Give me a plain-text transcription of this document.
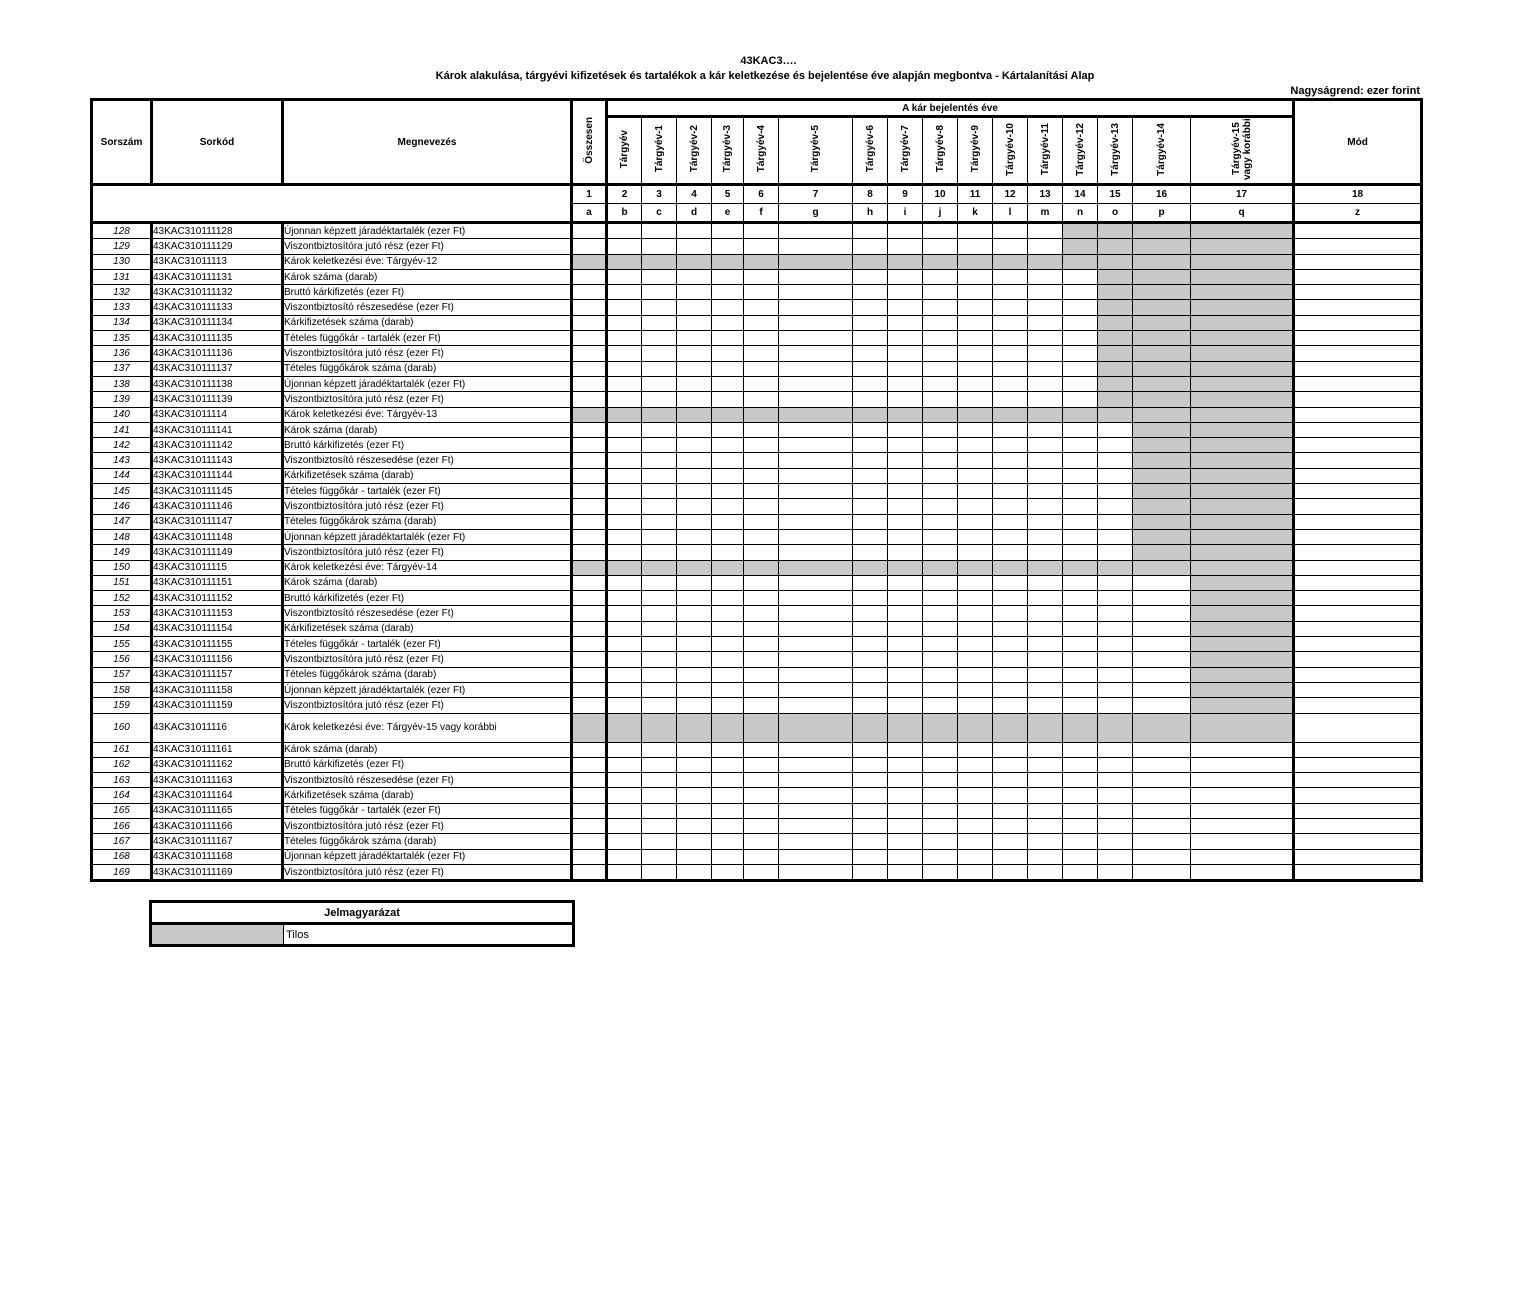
43KAC3….
Károk alakulása, tárgyévi kifizetések és tartalékok a kár keletkezése és bejelentése éve alapján megbontva - Kártalanítási Alap
Nagyságrend: ezer forint
Sorszám	Sorkód	Megnevezés	Összesen	A kár bejelentés éve																Mód
				Tárgyév	Tárgyév-1	Tárgyév-2	Tárgyév-3	Tárgyév-4	Tárgyév-5	Tárgyév-6	Tárgyév-7	Tárgyév-8	Tárgyév-9	Tárgyév-10	Tárgyév-11	Tárgyév-12	Tárgyév-13	Tárgyév-14	Tárgyév-15 vagy korábbi	
			1	2	3	4	5	6	7	8	9	10	11	12	13	14	15	16	17	18
			a	b	c	d	e	f	g	h	i	j	k	l	m	n	o	p	q	z
128	43KAC310111128	Újonnan képzett járadéktartalék (ezer Ft)																		
129	43KAC310111129	Viszontbiztosítóra jutó rész (ezer Ft)																		
130	43KAC31011113	Károk keletkezési éve: Tárgyév-12																		
131	43KAC310111131	Károk száma (darab)																		
132	43KAC310111132	Bruttó kárkifizetés (ezer Ft)																		
133	43KAC310111133	Viszontbiztosító részesedése (ezer Ft)																		
134	43KAC310111134	Kárkifizetések száma (darab)																		
135	43KAC310111135	Tételes függőkár - tartalék (ezer Ft)																		
136	43KAC310111136	Viszontbiztosítóra jutó rész (ezer Ft)																		
137	43KAC310111137	Tételes függőkárok száma (darab)																		
138	43KAC310111138	Újonnan képzett járadéktartalék (ezer Ft)																		
139	43KAC310111139	Viszontbiztosítóra jutó rész (ezer Ft)																		
140	43KAC31011114	Károk keletkezési éve: Tárgyév-13																		
141	43KAC310111141	Károk száma (darab)																		
142	43KAC310111142	Bruttó kárkifizetés (ezer Ft)																		
143	43KAC310111143	Viszontbiztosító részesedése (ezer Ft)																		
144	43KAC310111144	Kárkifizetések száma (darab)																		
145	43KAC310111145	Tételes függőkár - tartalék (ezer Ft)																		
146	43KAC310111146	Viszontbiztosítóra jutó rész (ezer Ft)																		
147	43KAC310111147	Tételes függőkárok száma (darab)																		
148	43KAC310111148	Újonnan képzett járadéktartalék (ezer Ft)																		
149	43KAC310111149	Viszontbiztosítóra jutó rész (ezer Ft)																		
150	43KAC31011115	Károk keletkezési éve: Tárgyév-14																		
151	43KAC310111151	Károk száma (darab)																		
152	43KAC310111152	Bruttó kárkifizetés (ezer Ft)																		
153	43KAC310111153	Viszontbiztosító részesedése (ezer Ft)																		
154	43KAC310111154	Kárkifizetések száma (darab)																		
155	43KAC310111155	Tételes függőkár - tartalék (ezer Ft)																		
156	43KAC310111156	Viszontbiztosítóra jutó rész (ezer Ft)																		
157	43KAC310111157	Tételes függőkárok száma (darab)																		
158	43KAC310111158	Újonnan képzett járadéktartalék (ezer Ft)																		
159	43KAC310111159	Viszontbiztosítóra jutó rész (ezer Ft)																		
160	43KAC31011116	Károk keletkezési éve: Tárgyév-15 vagy korábbi																		
161	43KAC310111161	Károk száma (darab)																		
162	43KAC310111162	Bruttó kárkifizetés (ezer Ft)																		
163	43KAC310111163	Viszontbiztosító részesedése (ezer Ft)																		
164	43KAC310111164	Kárkifizetések száma (darab)																		
165	43KAC310111165	Tételes függőkár - tartalék (ezer Ft)																		
166	43KAC310111166	Viszontbiztosítóra jutó rész (ezer Ft)																		
167	43KAC310111167	Tételes függőkárok száma (darab)																		
168	43KAC310111168	Újonnan képzett járadéktartalék (ezer Ft)																		
169	43KAC310111169	Viszontbiztosítóra jutó rész (ezer Ft)																		
Jelmagyarázat
	Tilos
